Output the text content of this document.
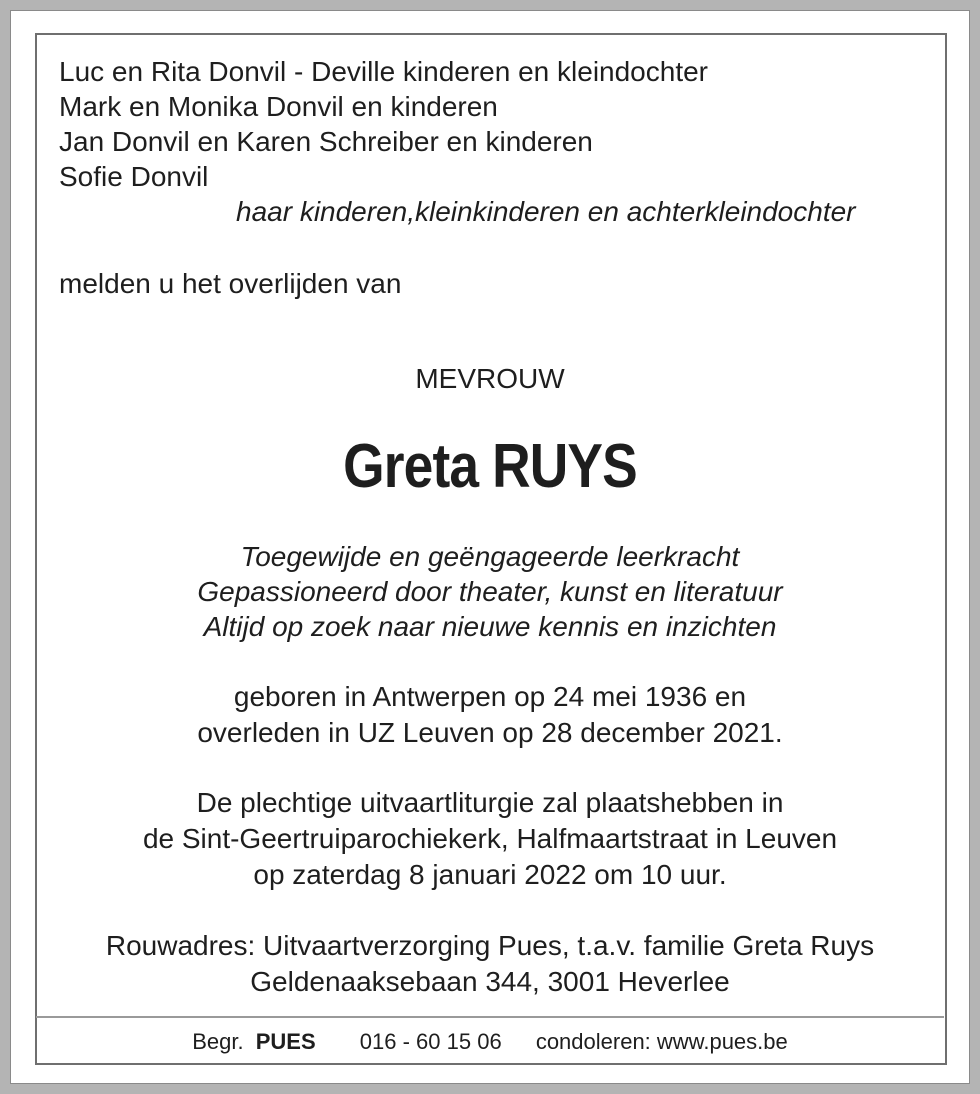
Luc en Rita Donvil - Deville kinderen en kleindochter
Mark en Monika Donvil en kinderen
Jan Donvil en Karen Schreiber en kinderen
Sofie Donvil
haar kinderen,kleinkinderen en achterkleindochter
melden u het overlijden van
MEVROUW
Greta RUYS
Toegewijde en geëngageerde leerkracht
Gepassioneerd door theater, kunst en literatuur
Altijd op zoek naar nieuwe kennis en inzichten
geboren in Antwerpen op 24 mei 1936 en
overleden in UZ Leuven op 28 december 2021.
De plechtige uitvaartliturgie zal plaatshebben in
de Sint-Geertruiparochiekerk, Halfmaartstraat in Leuven
op zaterdag 8 januari 2022 om 10 uur.
Rouwadres: Uitvaartverzorging Pues, t.a.v. familie Greta Ruys
Geldenaaksebaan 344, 3001 Heverlee
Begr. PUES 016 - 60 15 06 condoleren: www.pues.be
